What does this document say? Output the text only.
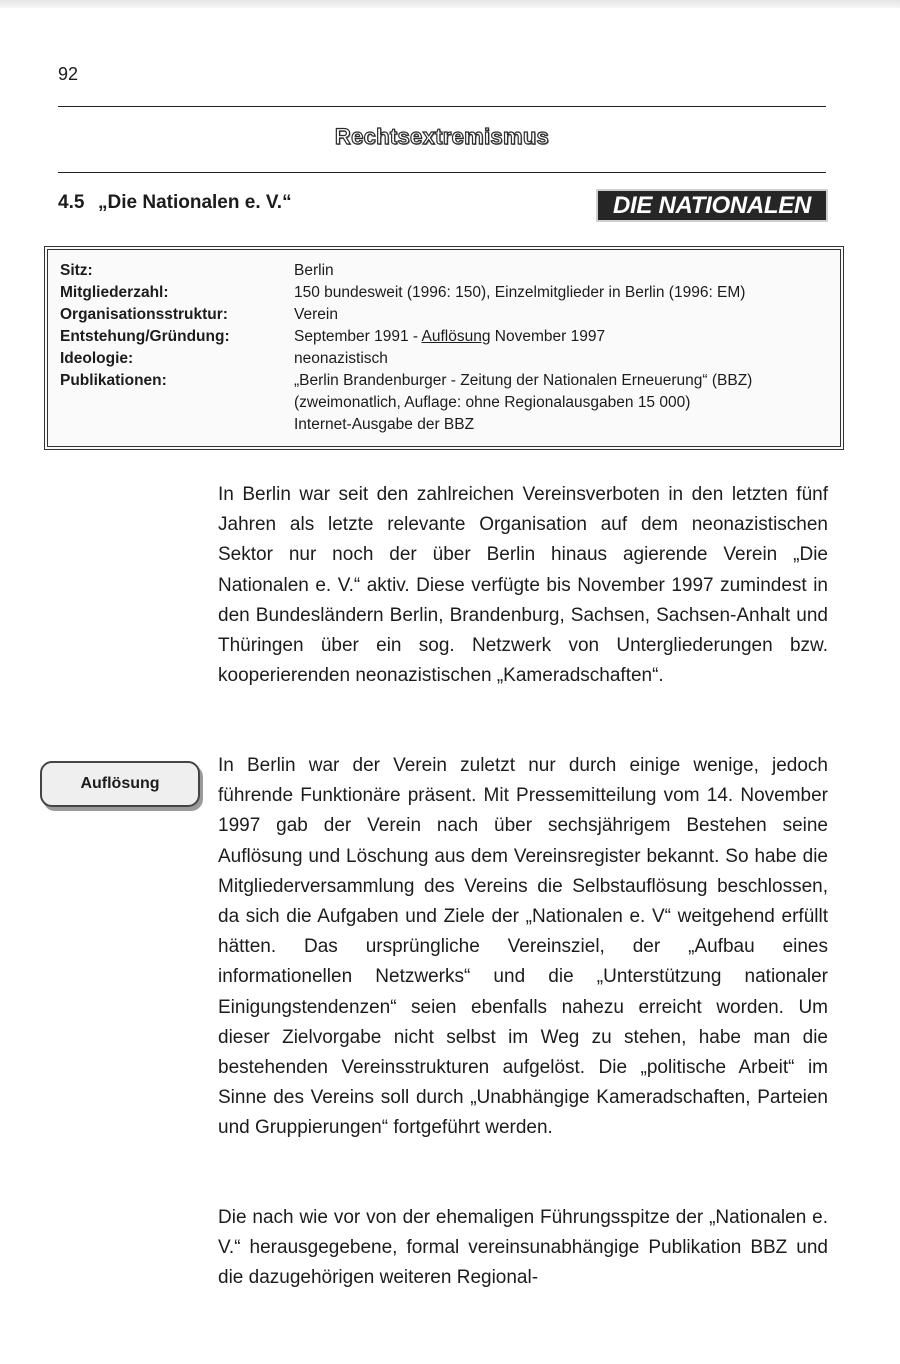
92
Rechtsextremismus
4.5 „Die Nationalen e. V.“	DIE NATIONALEN
Sitz:	Berlin
Mitgliederzahl:	150 bundesweit (1996: 150), Einzelmitglieder in Berlin (1996: EM)
Organisationsstruktur:	Verein
Entstehung/Gründung:	September 1991 - Auflösung November 1997
Ideologie:	neonazistisch
Publikationen:	„Berlin Brandenburger - Zeitung der Nationalen Erneuerung“ (BBZ)
(zweimonatlich, Auflage: ohne Regionalausgaben 15 000)
Internet-Ausgabe der BBZ
In Berlin war seit den zahlreichen Vereinsverboten in den letzten fünf Jahren als letzte relevante Organisation auf dem neonazistischen Sektor nur noch der über Berlin hinaus agierende Verein „Die Nationalen e. V.“ aktiv. Diese verfügte bis November 1997 zumindest in den Bundesländern Berlin, Brandenburg, Sachsen, Sachsen-Anhalt und Thüringen über ein sog. Netzwerk von Untergliederungen bzw. kooperierenden neonazistischen „Kameradschaften“.
Auflösung
In Berlin war der Verein zuletzt nur durch einige wenige, jedoch führende Funktionäre präsent. Mit Pressemitteilung vom 14. November 1997 gab der Verein nach über sechsjährigem Bestehen seine Auflösung und Löschung aus dem Vereinsregister bekannt. So habe die Mitgliederversammlung des Vereins die Selbstauflösung beschlossen, da sich die Aufgaben und Ziele der „Nationalen e. V“ weitgehend erfüllt hätten. Das ursprüngliche Vereinsziel, der „Aufbau eines informationellen Netzwerks“ und die „Unterstützung nationaler Einigungstendenzen“ seien ebenfalls nahezu erreicht worden. Um dieser Zielvorgabe nicht selbst im Weg zu stehen, habe man die bestehenden Vereinsstrukturen aufgelöst. Die „politische Arbeit“ im Sinne des Vereins soll durch „Unabhängige Kameradschaften, Parteien und Gruppierungen“ fortgeführt werden.
Die nach wie vor von der ehemaligen Führungsspitze der „Nationalen e. V.“ herausgegebene, formal vereinsunabhängige Publikation BBZ und die dazugehörigen weiteren Regional-
